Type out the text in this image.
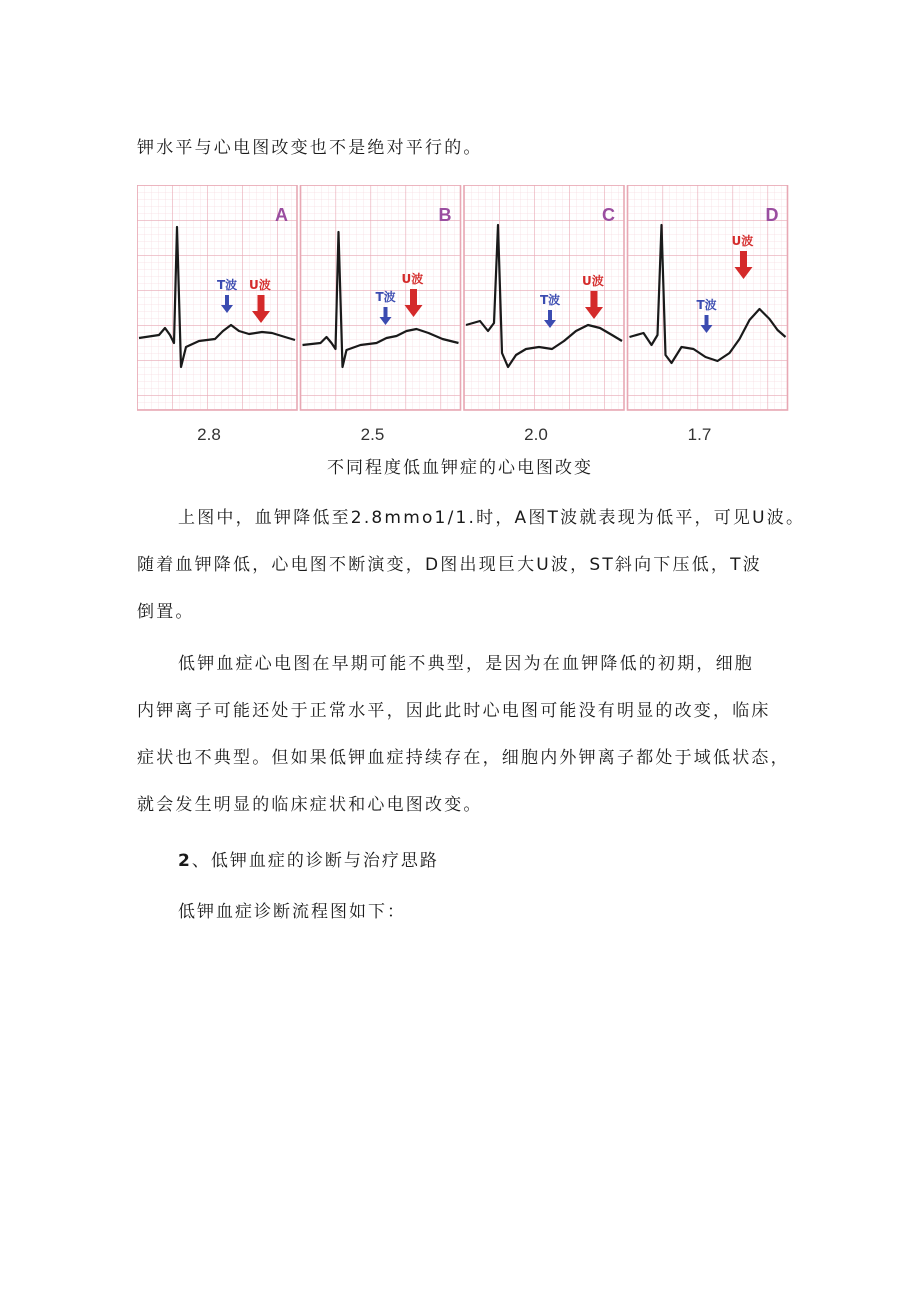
钾水平与心电图改变也不是绝对平行的。
A
T波 U波
2.8
B
T波
U波
2.5
C
T波
U波
2.0
D
T波
U波
1.7
不同程度低血钾症的心电图改变
上图中，血钾降低至2.8mmo1/1.时，A图T波就表现为低平，可见U波。
随着血钾降低，心电图不断演变，D图出现巨大U波，ST斜向下压低，T波
倒置。
低钾血症心电图在早期可能不典型，是因为在血钾降低的初期，细胞
内钾离子可能还处于正常水平，因此此时心电图可能没有明显的改变，临床
症状也不典型。但如果低钾血症持续存在，细胞内外钾离子都处于域低状态，
就会发生明显的临床症状和心电图改变。
2、低钾血症的诊断与治疗思路
低钾血症诊断流程图如下：
